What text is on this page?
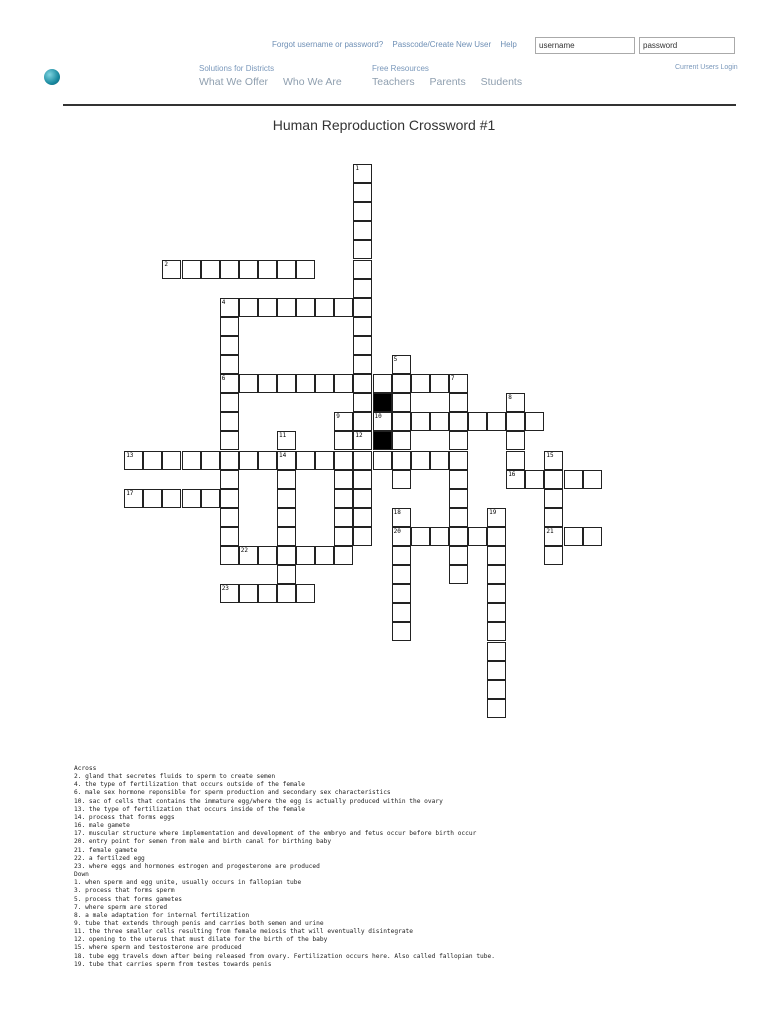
Forgot username or password? Passcode/Create New User Help
username
password
Solutions for Districts
What We Offer Who We Are
Free Resources
Teachers Parents Students
Current Users Login
Human Reproduction Crossword #1
1
2
4
6
5
7
8
9	10
11
14
12
13	15
21
16
17
18
20
19
22
23
Across
2. gland that secretes fluids to sperm to create semen
4. the type of fertilization that occurs outside of the female
6. male sex hormone reponsible for sperm production and secondary sex characteristics
10. sac of cells that contains the immature egg/where the egg is actually produced within the ovary
13. the type of fertilization that occurs inside of the female
14. process that forms eggs
16. male gamete
17. muscular structure where implementation and development of the embryo and fetus occur before birth occur
20. entry point for semen from male and birth canal for birthing baby
21. female gamete
22. a fertilzed egg
23. where eggs and hormones estrogen and progesterone are produced
Down
1. when sperm and egg unite, usually occurs in fallopian tube
3. process that forms sperm
5. process that forms gametes
7. where sperm are stored
8. a male adaptation for internal fertilization
9. tube that extends through penis and carries both semen and urine
11. the three smaller cells resulting from female meiosis that will eventually disintegrate
12. opening to the uterus that must dilate for the birth of the baby
15. where sperm and testosterone are produced
18. tube egg travels down after being released from ovary. Fertilization occurs here. Also called fallopian tube.
19. tube that carries sperm from testes towards penis
